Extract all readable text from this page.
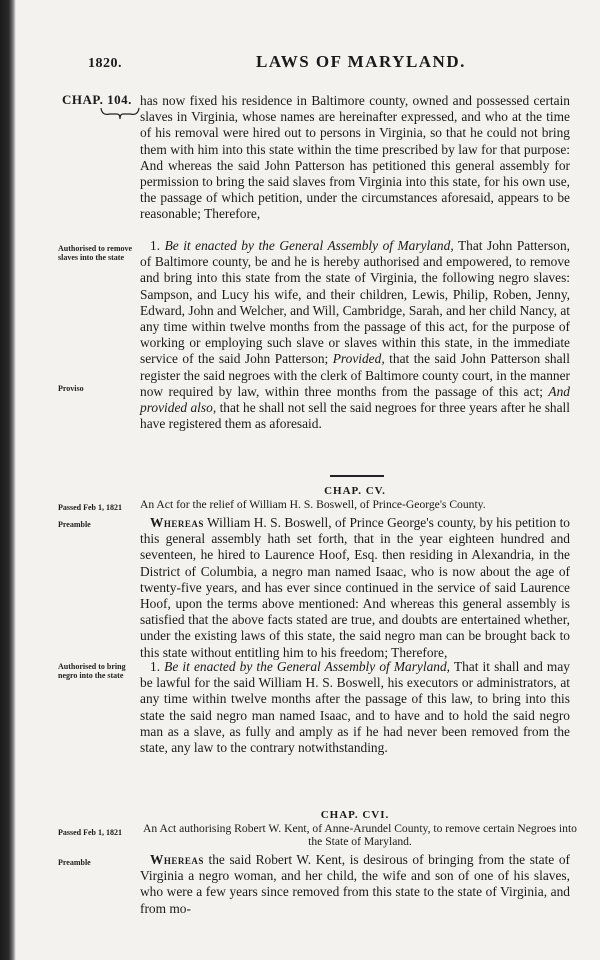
1820.	LAWS OF MARYLAND.
CHAP. 104. has now fixed his residence in Baltimore county, owned and possessed certain slaves in Virginia, whose names are hereinafter expressed, and who at the time of his removal were hired out to persons in Virginia, so that he could not bring them with him into this state within the time prescribed by law for that purpose: And whereas the said John Patterson has petitioned this general assembly for permission to bring the said slaves from Virginia into this state, for his own use, the passage of which petition, under the circumstances aforesaid, appears to be reasonable; Therefore,

Authorised to remove slaves into the state

1. Be it enacted by the General Assembly of Maryland, That John Patterson, of Baltimore county, be and he is hereby authorised and empowered, to remove and bring into this state from the state of Virginia, the following negro slaves: Sampson, and Lucy his wife, and their children, Lewis, Philip, Roben, Jenny, Edward, John and Welcher, and Will, Cambridge, Sarah, and her child Nancy, at any time within twelve months from the passage of this act, for the purpose of working or employing such slave or slaves within this state, in the immediate service of the said John Patterson; Provided, that the said John Patterson shall register the said negroes with the clerk of Baltimore county court, in the manner now required by law, within three months from the passage of this act; And provided also, that he shall not sell the said negroes for three years after he shall have registered them as aforesaid.

Proviso
CHAP. CV.
Passed Feb 1, 1821 An Act for the relief of William H. S. Boswell, of Prince-George's County.
Preamble	Whereas William H. S. Boswell, of Prince George's county, by his petition to this general assembly hath set forth, that in the year eighteen hundred and seventeen, he hired to Laurence Hoof, Esq. then residing in Alexandria, in the District of Columbia, a negro man named Isaac, who is now about the age of twenty-five years, and has ever since continued in the service of said Laurence Hoof, upon the terms above mentioned: And whereas this general assembly is satisfied that the above facts stated are true, and doubts are entertained whether, under the existing laws of this state, the said negro man can be brought back to this state without entitling him to his freedom; Therefore,

Authorised to bring negro into the state

1. Be it enacted by the General Assembly of Maryland, That it shall and may be lawful for the said William H. S. Boswell, his executors or administrators, at any time within twelve months after the passage of this law, to bring into this state the said negro man named Isaac, and to have and to hold the said negro man as a slave, as fully and amply as if he had never been removed from the state, any law to the contrary notwithstanding.

CHAP. CVI.
Passed Feb 1, 1821 An Act authorising Robert W. Kent, of Anne-Arundel County, to remove certain Negroes into the State of Maryland.
Preamble	Whereas the said Robert W. Kent, is desirous of bringing from the state of Virginia a negro woman, and her child, the wife and son of one of his slaves, who were a few years since removed from this state to the state of Virginia, and from mo-
